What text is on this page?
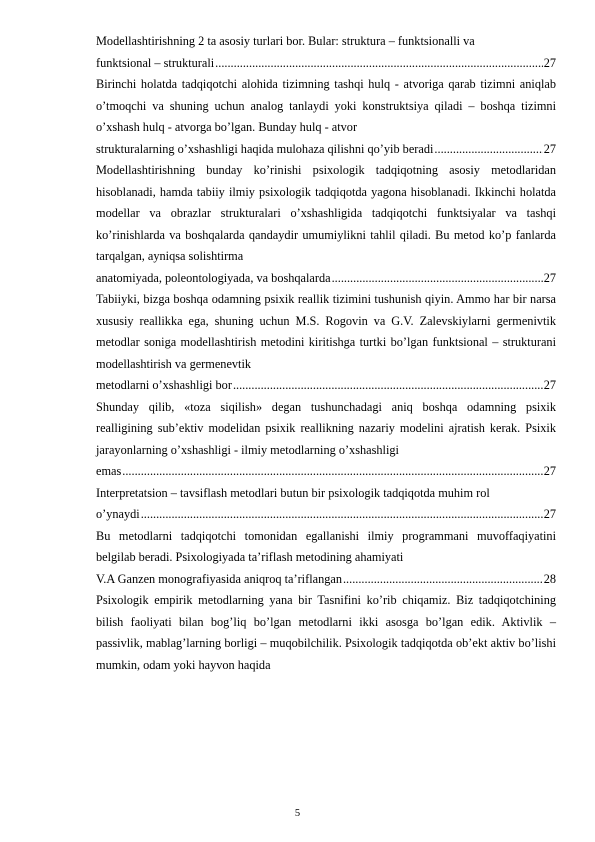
Modellashtirishning 2 ta asosiy turlari bor. Bular: struktura – funktsionalli va
funktsional – strukturali .....	27

Birinchi holatda tadqiqotchi alohida tizimning tashqi hulq - atvoriga qarab tizimni aniqlab o’tmoqchi va shuning uchun analog tanlaydi yoki konstruktsiya qiladi – boshqa tizimni o’xshash hulq - atvorga bo’lgan. Bunday hulq - atvor
strukturalarning o’xshashligi haqida mulohaza qilishni qo’yib beradi .....	27

Modellashtirishning bunday ko’rinishi psixologik tadqiqotning asosiy metodlaridan hisoblanadi, hamda tabiiy ilmiy psixologik tadqiqotda yagona hisoblanadi. Ikkinchi holatda modellar va obrazlar strukturalari o’xshashligida tadqiqotchi funktsiyalar va tashqi ko’rinishlarda va boshqalarda qandaydir umumiylikni tahlil qiladi. Bu metod ko’p fanlarda tarqalgan, ayniqsa solishtirma
anatomiyada, poleontologiyada, va boshqalarda .....	27

Tabiiyki, bizga boshqa odamning psixik reallik tizimini tushunish qiyin. Ammo har bir narsa xususiy reallikka ega, shuning uchun M.S. Rogovin va G.V. Zalevskiylarni germenivtik metodlar soniga modellashtirish metodini kiritishga turtki bo’lgan funktsional – strukturani modellashtirish va germenevtik
metodlarni o’xshashligi bor .....	27

Shunday qilib, «toza siqilish» degan tushunchadagi aniq boshqa odamning psixik realligining sub’ektiv modelidan psixik reallikning nazariy modelini ajratish kerak. Psixik jarayonlarning o’xshashligi - ilmiy metodlarning o’xshashligi
emas .....	27

Interpretatsion – tavsiflash metodlari butun bir psixologik tadqiqotda muhim rol
o’ynaydi .....	27

Bu metodlarni tadqiqotchi tomonidan egallanishi ilmiy programmani muvoffaqiyatini belgilab beradi. Psixologiyada ta’riflash metodining ahamiyati
V.A Ganzen monografiyasida aniqroq ta’riflangan .....	28

Psixologik empirik metodlarning yana bir Tasnifini ko’rib chiqamiz. Biz tadqiqotchining bilish faoliyati bilan bog’liq bo’lgan metodlarni ikki asosga bo’lgan edik. Aktivlik – passivlik, mablag’larning borligi – muqobilchilik. Psixologik tadqiqotda ob’ekt aktiv bo’lishi mumkin, odam yoki hayvon haqida

5
